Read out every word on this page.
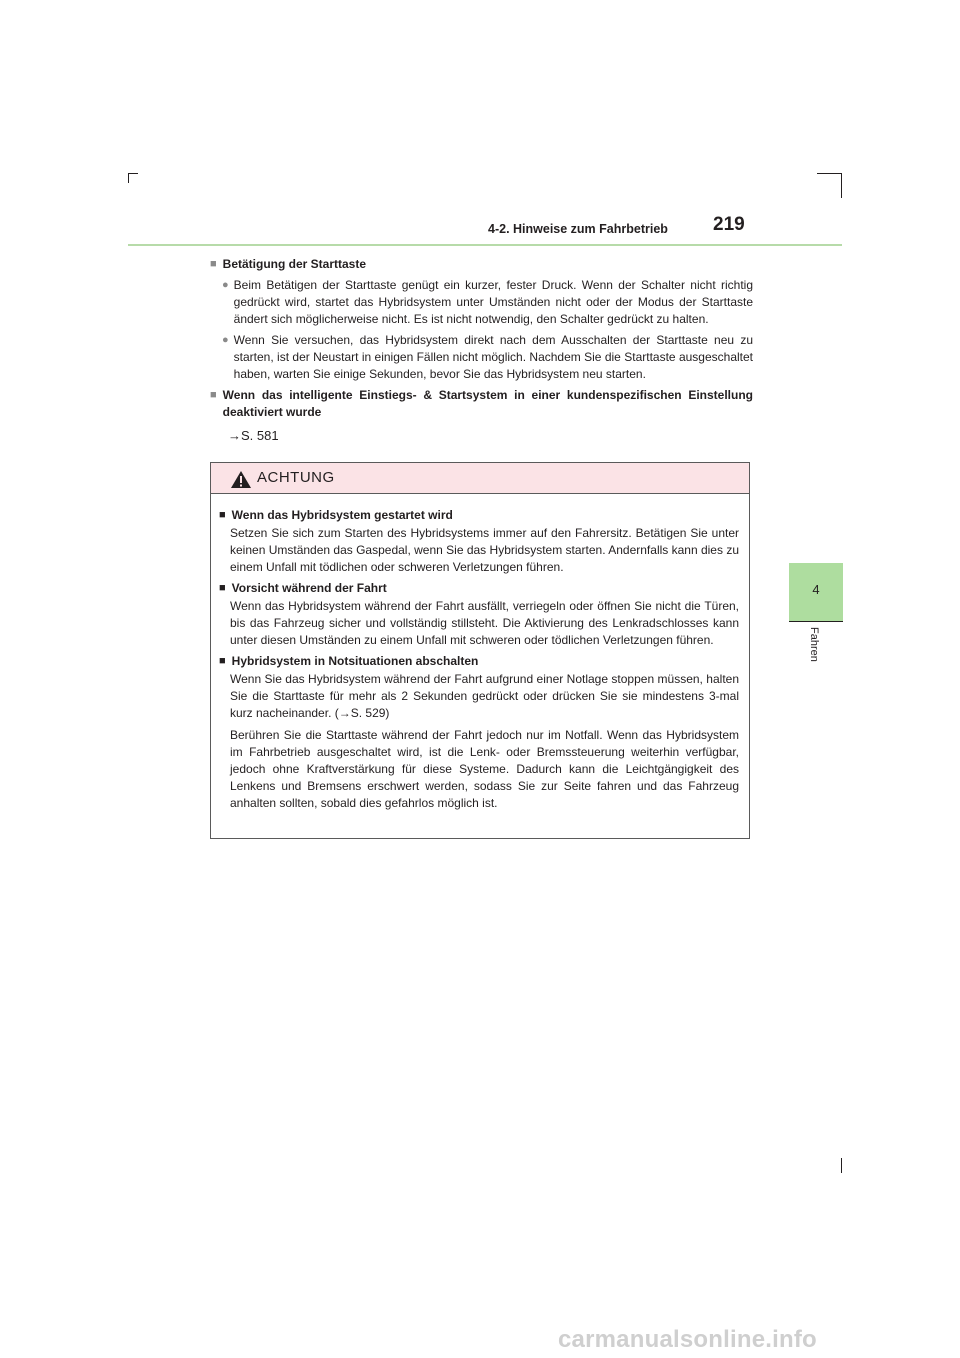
4-2. Hinweise zum Fahrbetrieb 219
4
Fahren
■ Betätigung der Starttaste
● Beim Betätigen der Starttaste genügt ein kurzer, fester Druck. Wenn der Schalter nicht richtig gedrückt wird, startet das Hybridsystem unter Umständen nicht oder der Modus der Starttaste ändert sich möglicherweise nicht. Es ist nicht notwendig, den Schalter gedrückt zu halten.
● Wenn Sie versuchen, das Hybridsystem direkt nach dem Ausschalten der Starttaste neu zu starten, ist der Neustart in einigen Fällen nicht möglich. Nachdem Sie die Starttaste ausgeschaltet haben, warten Sie einige Sekunden, bevor Sie das Hybridsystem neu starten.
■ Wenn das intelligente Einstiegs- & Startsystem in einer kundenspezifischen Einstellung deaktiviert wurde
→S. 581
ACHTUNG
■ Wenn das Hybridsystem gestartet wird
Setzen Sie sich zum Starten des Hybridsystems immer auf den Fahrersitz. Betätigen Sie unter keinen Umständen das Gaspedal, wenn Sie das Hybridsystem starten. Andernfalls kann dies zu einem Unfall mit tödlichen oder schweren Verletzungen führen.
■ Vorsicht während der Fahrt
Wenn das Hybridsystem während der Fahrt ausfällt, verriegeln oder öffnen Sie nicht die Türen, bis das Fahrzeug sicher und vollständig stillsteht. Die Aktivierung des Lenkradschlosses kann unter diesen Umständen zu einem Unfall mit schweren oder tödlichen Verletzungen führen.
■ Hybridsystem in Notsituationen abschalten
Wenn Sie das Hybridsystem während der Fahrt aufgrund einer Notlage stoppen müssen, halten Sie die Starttaste für mehr als 2 Sekunden gedrückt oder drücken Sie sie mindestens 3-mal kurz nacheinander. (→S. 529)
Berühren Sie die Starttaste während der Fahrt jedoch nur im Notfall. Wenn das Hybridsystem im Fahrbetrieb ausgeschaltet wird, ist die Lenk- oder Bremssteuerung weiterhin verfügbar, jedoch ohne Kraftverstärkung für diese Systeme. Dadurch kann die Leichtgängigkeit des Lenkens und Bremsens erschwert werden, sodass Sie zur Seite fahren und das Fahrzeug anhalten sollten, sobald dies gefahrlos möglich ist.
carmanualsonline.info
